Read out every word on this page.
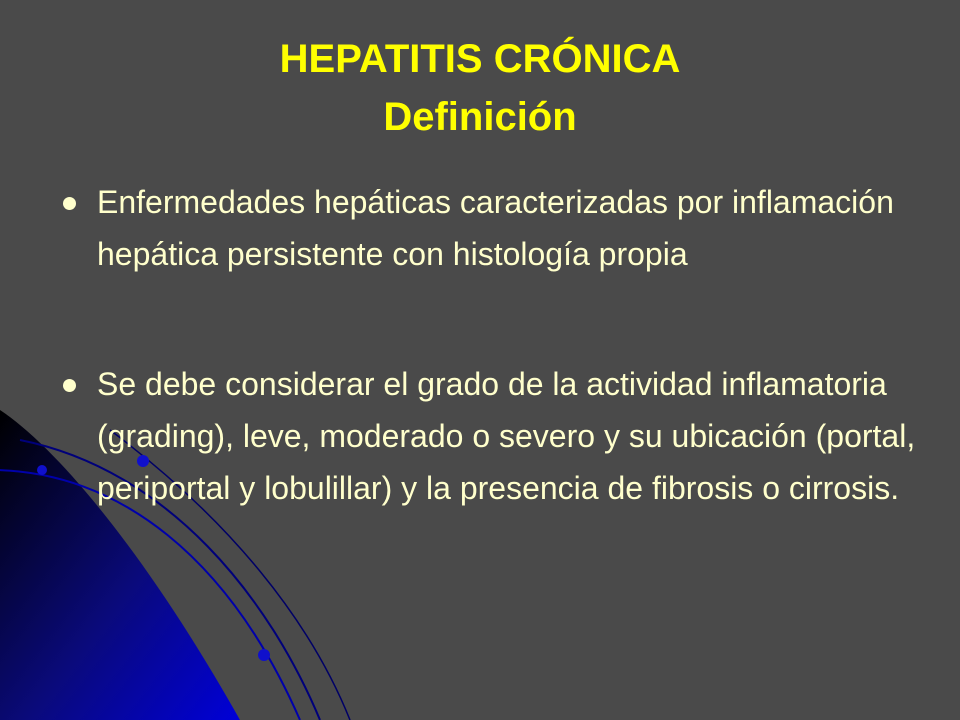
HEPATITIS CRÓNICA
Definición
Enfermedades hepáticas caracterizadas por inflamación hepática persistente con histología propia
Se debe considerar el grado de la actividad inflamatoria (grading), leve, moderado o severo y su ubicación (portal, periportal y lobulillar) y la presencia de fibrosis o cirrosis.
